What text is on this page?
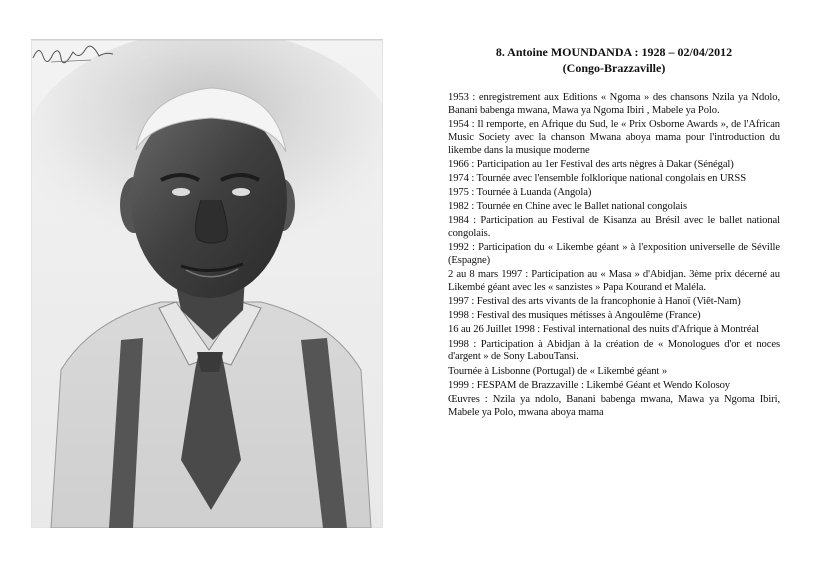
8. Antoine MOUNDANDA : 1928 – 02/04/2012

(Congo-Brazzaville)

1953 : enregistrement aux Editions « Ngoma » des chansons Nzila ya Ndolo, Banani babenga mwana, Mawa ya Ngoma Ibiri , Mabele ya Polo.
1954 : Il remporte, en Afrique du Sud, le « Prix Osborne Awards », de l'African Music Society avec la chanson Mwana aboya mama pour l'introduction du likembe dans la musique moderne
1966 : Participation au 1er Festival des arts nègres à Dakar (Sénégal)
1974 : Tournée avec l'ensemble folklorique national congolais en URSS
1975 : Tournée à Luanda (Angola)
1982 : Tournée en Chine avec le Ballet national congolais
1984 : Participation au Festival de Kisanza au Brésil avec le ballet national congolais.
1992 : Participation du « Likembe géant » à l'exposition universelle de Séville (Espagne)
2 au 8 mars 1997 : Participation au « Masa » d'Abidjan. 3ème prix décerné au Likembé géant avec les « sanzistes » Papa Kourand et Maléla.
1997 : Festival des arts vivants de la francophonie à Hanoï (Viêt-Nam)
1998 : Festival des musiques métisses à Angoulême (France)
16 au 26 Juillet 1998 : Festival international des nuits d'Afrique à Montréal
1998 : Participation à Abidjan à la création de « Monologues d'or et noces d'argent » de Sony LabouTansi.
Tournée à Lisbonne (Portugal) de « Likembé géant »
1999 : FESPAM de Brazzaville : Likembé Géant et Wendo Kolosoy
Œuvres : Nzila ya ndolo, Banani babenga mwana, Mawa ya Ngoma Ibiri, Mabele ya Polo, mwana aboya mama
